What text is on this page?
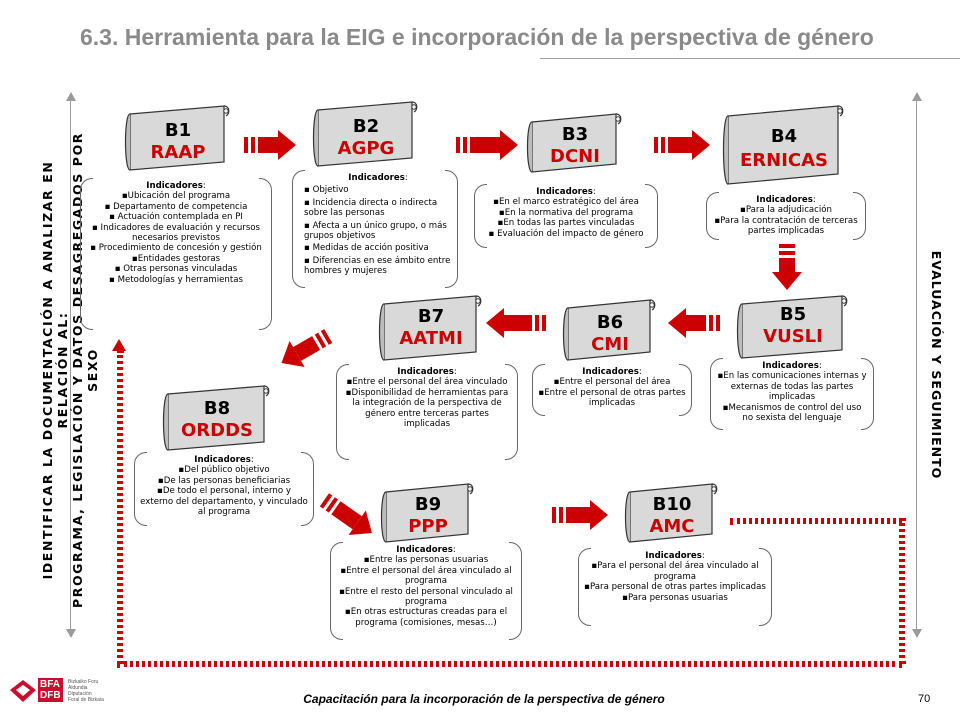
6.3. Herramienta para la EIG e incorporación de la perspectiva de género
IDENTIFICAR LA DOCUMENTACIÓN A ANALIZAR EN RELACIÓN AL: PROGRAMA, LEGISLACIÓN Y DATOS DESAGREGADOS POR SEXO	EVALUACIÓN Y SEGUIMIENTO
B1
RAAP
Indicadores:
▪Ubicación del programa
▪ Departamento de competencia
▪ Actuación contemplada en PI
▪ Indicadores de evaluación y recursos necesarios previstos
▪ Procedimiento de concesión y gestión
▪Entidades gestoras
▪ Otras personas vinculadas
▪ Metodologías y herramientas
B2
AGPG
Indicadores:
▪ Objetivo
▪ Incidencia directa o indirecta sobre las personas
▪ Afecta a un único grupo, o más grupos objetivos
▪ Medidas de acción positiva
▪ Diferencias en ese ámbito entre hombres y mujeres
B3
DCNI
Indicadores:
▪En el marco estratégico del área
▪En la normativa del programa
▪En todas las partes vinculadas
▪ Evaluación del impacto de género
B4
ERNICAS
Indicadores:
▪Para la adjudicación
▪Para la contratación de terceras partes implicadas
B5
VUSLI
Indicadores:
▪En las comunicaciones internas y externas de todas las partes implicadas
▪Mecanismos de control del uso no sexista del lenguaje
B6
CMI
Indicadores:
▪Entre el personal del área
▪Entre el personal de otras partes implicadas
B7
AATMI
Indicadores:
▪Entre el personal del área vinculado
▪Disponibilidad de herramientas para la integración de la perspectiva de género entre terceras partes implicadas
B8
ORDDS
Indicadores:
▪Del público objetivo
▪De las personas beneficiarias
▪De todo el personal, interno y externo del departamento, y vinculado al programa	B9
PPP
Indicadores:
▪Entre las personas usuarias
▪Entre el personal del área vinculado al programa
▪Entre el resto del personal vinculado al programa
▪En otras estructuras creadas para el programa (comisiones, mesas…)
B10
AMC
Indicadores:
▪Para el personal del área vinculado al programa
▪Para personal de otras partes implicadas
▪Para personas usuarias
BFA
DFB
Bizkaiko Foru
Aldundia
Diputación
Foral de Bizkaia	Capacitación para la incorporación de la perspectiva de género	70
